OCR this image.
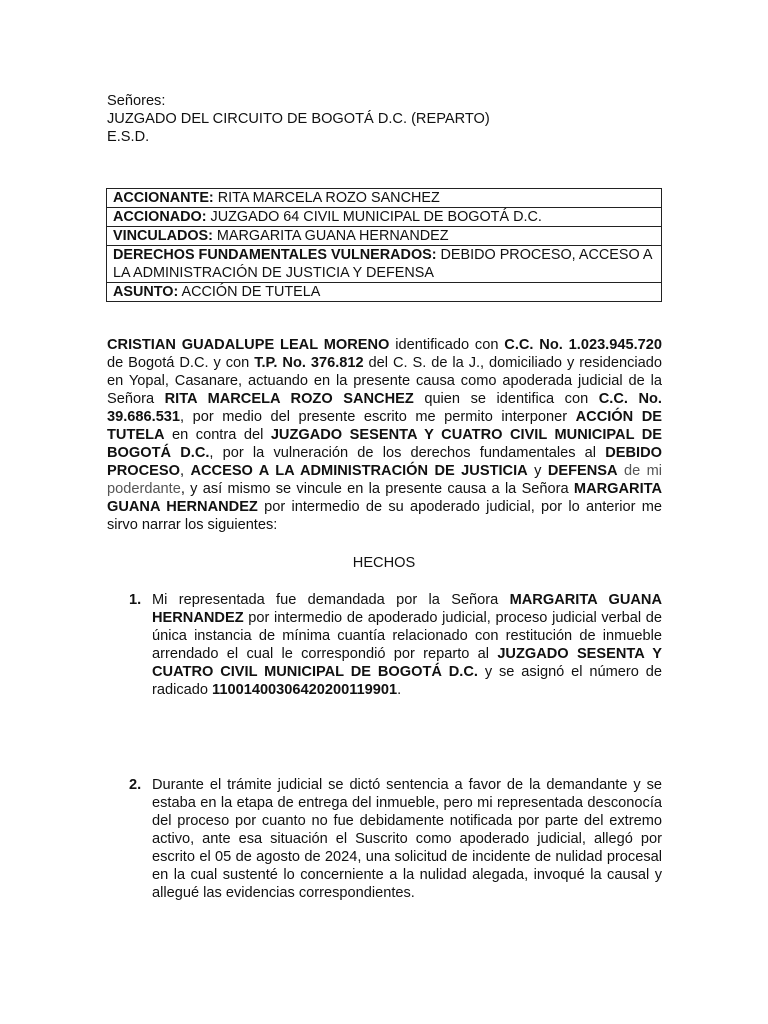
Señores:
JUZGADO DEL CIRCUITO DE BOGOTÁ D.C. (REPARTO)
E.S.D.
ACCIONANTE: RITA MARCELA ROZO SANCHEZ
ACCIONADO: JUZGADO 64 CIVIL MUNICIPAL DE BOGOTÁ D.C.
VINCULADOS: MARGARITA GUANA HERNANDEZ
DERECHOS FUNDAMENTALES VULNERADOS: DEBIDO PROCESO, ACCESO A LA ADMINISTRACIÓN DE JUSTICIA Y DEFENSA
ASUNTO: ACCIÓN DE TUTELA

CRISTIAN GUADALUPE LEAL MORENO identificado con C.C. No. 1.023.945.720 de Bogotá D.C. y con T.P. No. 376.812 del C. S. de la J., domiciliado y residenciado en Yopal, Casanare, actuando en la presente causa como apoderada judicial de la Señora RITA MARCELA ROZO SANCHEZ quien se identifica con C.C. No. 39.686.531, por medio del presente escrito me permito interponer ACCIÓN DE TUTELA en contra del JUZGADO SESENTA Y CUATRO CIVIL MUNICIPAL DE BOGOTÁ D.C., por la vulneración de los derechos fundamentales al DEBIDO PROCESO, ACCESO A LA ADMINISTRACIÓN DE JUSTICIA y DEFENSA de mi poderdante, y así mismo se vincule en la presente causa a la Señora MARGARITA GUANA HERNANDEZ por intermedio de su apoderado judicial, por lo anterior me sirvo narrar los siguientes:

HECHOS
1. Mi representada fue demandada por la Señora MARGARITA GUANA HERNANDEZ por intermedio de apoderado judicial, proceso judicial verbal de única instancia de mínima cuantía relacionado con restitución de inmueble arrendado el cual le correspondió por reparto al JUZGADO SESENTA Y CUATRO CIVIL MUNICIPAL DE BOGOTÁ D.C. y se asignó el número de radicado 11001400306420200119901.

2. Durante el trámite judicial se dictó sentencia a favor de la demandante y se estaba en la etapa de entrega del inmueble, pero mi representada desconocía del proceso por cuanto no fue debidamente notificada por parte del extremo activo, ante esa situación el Suscrito como apoderado judicial, allegó por escrito el 05 de agosto de 2024, una solicitud de incidente de nulidad procesal en la cual sustenté lo concerniente a la nulidad alegada, invoqué la causal y allegué las evidencias correspondientes.
